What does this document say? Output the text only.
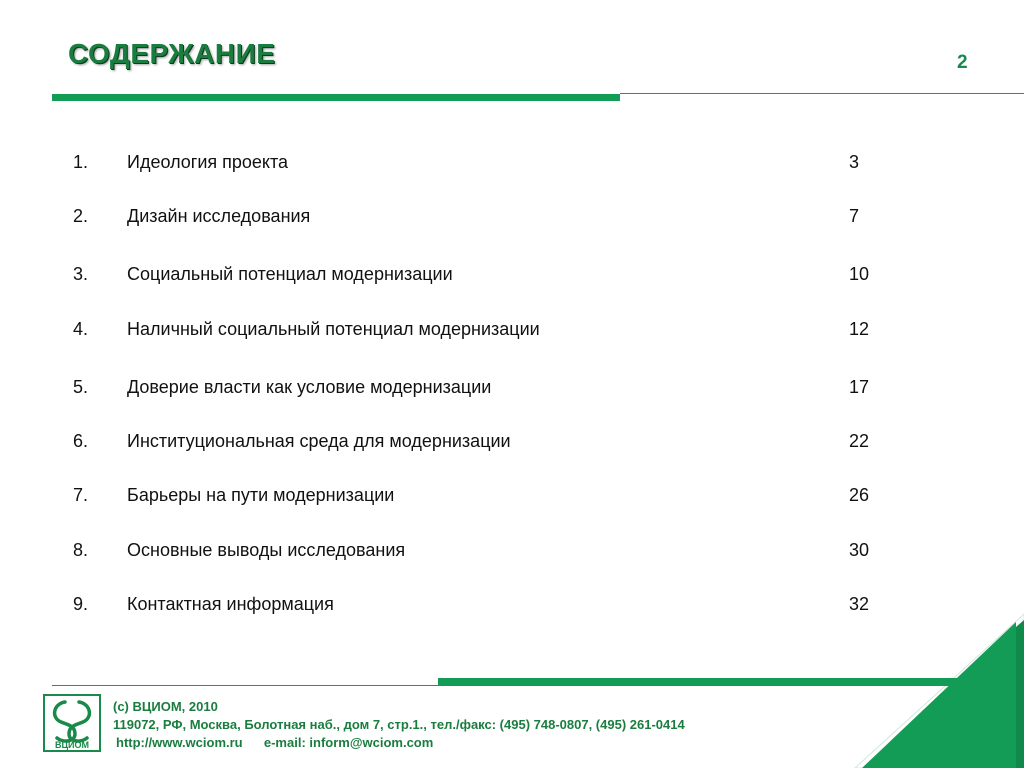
СОДЕРЖАНИЕ	2
1. Идеология проекта	3
2. Дизайн исследования	7
3. Социальный потенциал модернизации	10
4. Наличный социальный потенциал модернизации	12
5. Доверие власти как условие модернизации	17
6. Институциональная среда для модернизации	22
7. Барьеры на пути модернизации	26
8. Основные выводы исследования	30
9. Контактная информация	32
ВЦИОМ
(c) ВЦИОМ, 2010
119072, РФ, Москва, Болотная наб., дом 7, стр.1., тел./факс: (495) 748-0807, (495) 261-0414
http://www.wciom.ru e-mail: inform@wciom.com
